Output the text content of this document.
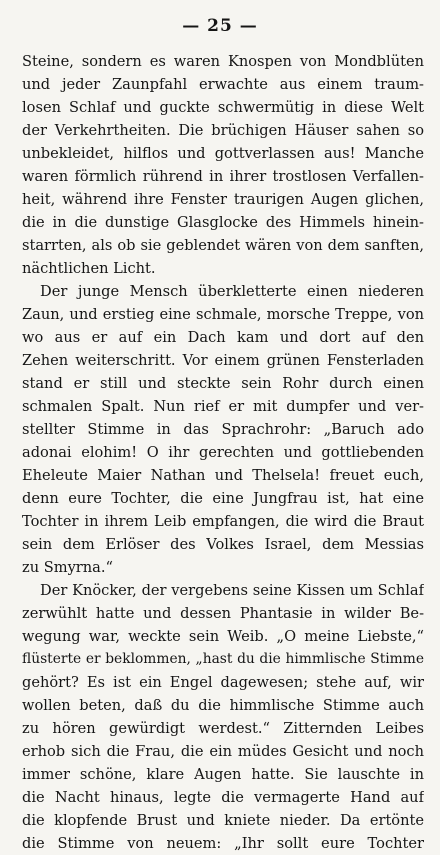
— 25 —
Steine, sondern es waren Knospen von Mondblüten
und jeder Zaunpfahl erwachte aus einem traum-
losen Schlaf und guckte schwermütig in diese Welt
der Verkehrtheiten. Die brüchigen Häuser sahen so
unbekleidet, hilflos und gottverlassen aus! Manche
waren förmlich rührend in ihrer trostlosen Verfallen-
heit, während ihre Fenster traurigen Augen glichen,
die in die dunstige Glasglocke des Himmels hinein-
starrten, als ob sie geblendet wären von dem sanften,
nächtlichen Licht.
Der junge Mensch überkletterte einen niederen
Zaun, und erstieg eine schmale, morsche Treppe, von
wo aus er auf ein Dach kam und dort auf den
Zehen weiterschritt. Vor einem grünen Fensterladen
stand er still und steckte sein Rohr durch einen
schmalen Spalt. Nun rief er mit dumpfer und ver-
stellter Stimme in das Sprachrohr: „Baruch ado
adonai elohim! O ihr gerechten und gottliebenden
Eheleute Maier Nathan und Thelsela! freuet euch,
denn eure Tochter, die eine Jungfrau ist, hat eine
Tochter in ihrem Leib empfangen, die wird die Braut
sein dem Erlöser des Volkes Israel, dem Messias
zu Smyrna.“
Der Knöcker, der vergebens seine Kissen um Schlaf
zerwühlt hatte und dessen Phantasie in wilder Be-
wegung war, weckte sein Weib. „O meine Liebste,“
flüsterte er beklommen, „hast du die himmlische Stimme
gehört? Es ist ein Engel dagewesen; stehe auf, wir
wollen beten, daß du die himmlische Stimme auch
zu hören gewürdigt werdest.“ Zitternden Leibes
erhob sich die Frau, die ein müdes Gesicht und noch
immer schöne, klare Augen hatte. Sie lauschte in
die Nacht hinaus, legte die vermagerte Hand auf
die klopfende Brust und kniete nieder. Da ertönte
die Stimme von neuem: „Ihr sollt eure Tochter
